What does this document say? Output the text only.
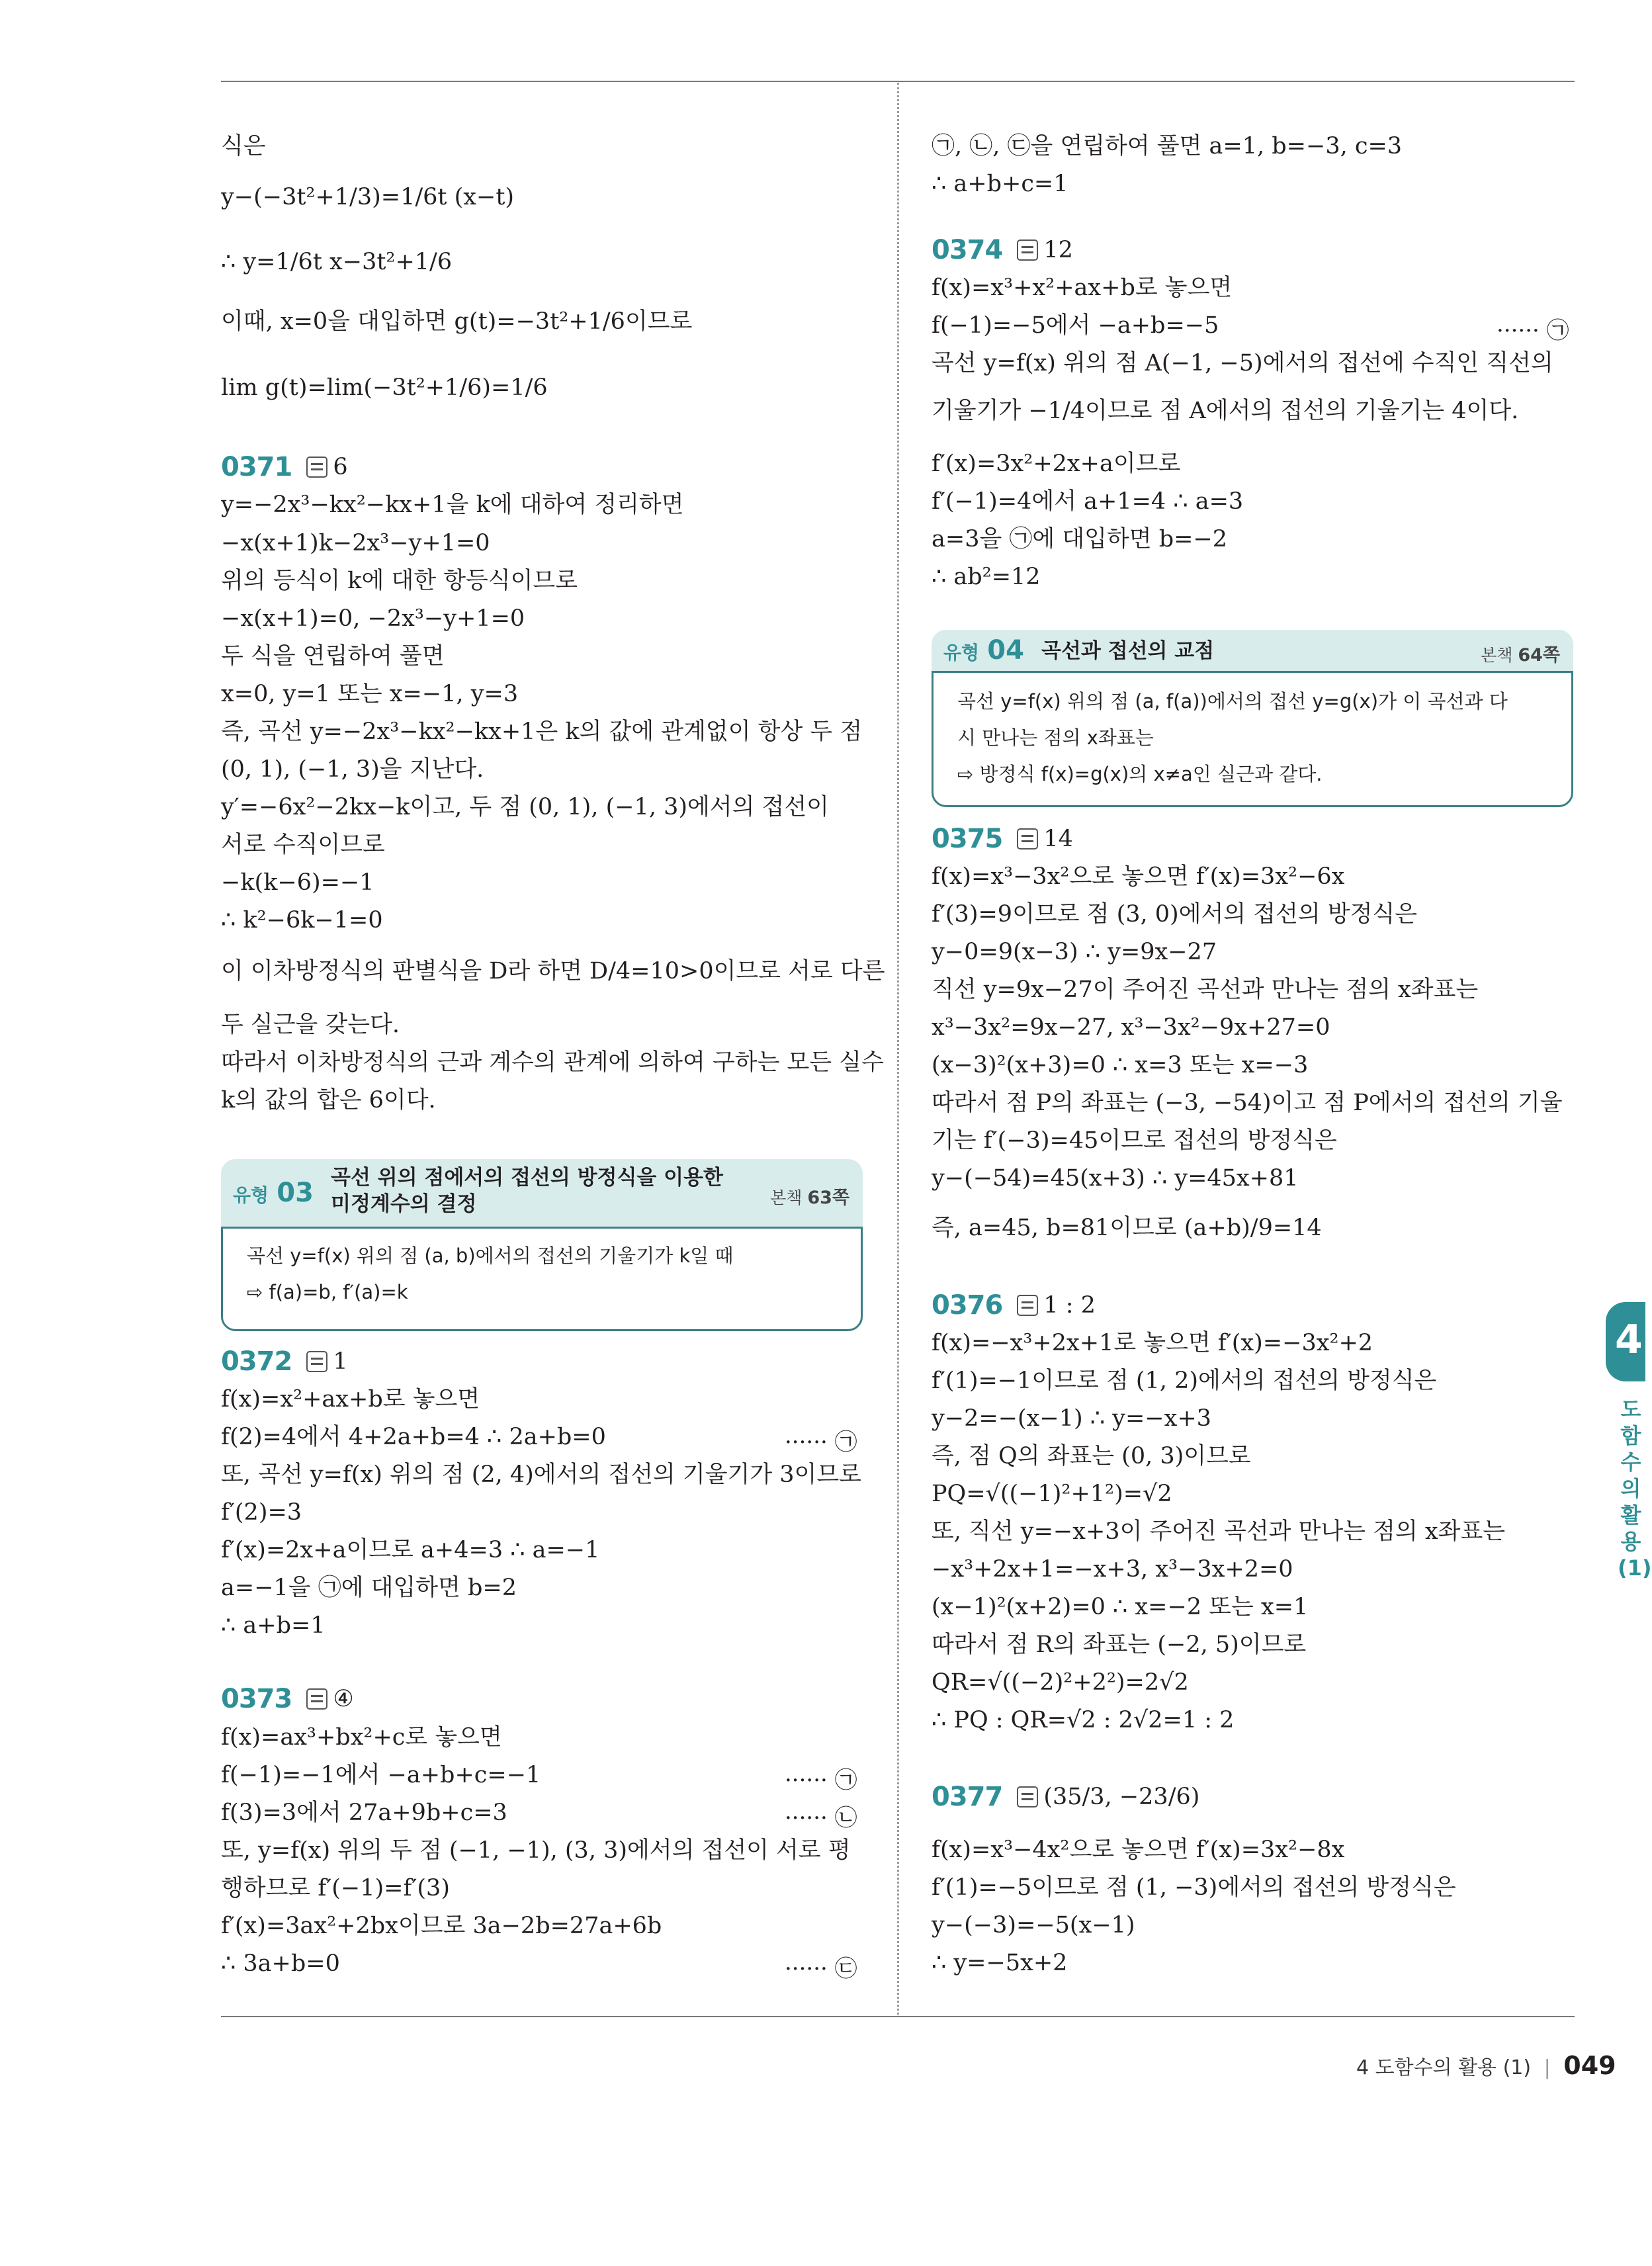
식은
y−(−3t²+1/3)=1/6t (x−t)
∴ y=1/6t x−3t²+1/6
이때, x=0을 대입하면 g(t)=−3t²+1/6이므로
lim g(t)=lim(−3t²+1/6)=1/6
0371 6
y=−2x³−kx²−kx+1을 k에 대하여 정리하면
−x(x+1)k−2x³−y+1=0
위의 등식이 k에 대한 항등식이므로
−x(x+1)=0, −2x³−y+1=0
두 식을 연립하여 풀면
x=0, y=1 또는 x=−1, y=3
즉, 곡선 y=−2x³−kx²−kx+1은 k의 값에 관계없이 항상 두 점
(0, 1), (−1, 3)을 지난다.
y′=−6x²−2kx−k이고, 두 점 (0, 1), (−1, 3)에서의 접선이
서로 수직이므로
−k(k−6)=−1
∴ k²−6k−1=0
이 이차방정식의 판별식을 D라 하면 D/4=10>0이므로 서로 다른
두 실근을 갖는다.
따라서 이차방정식의 근과 계수의 관계에 의하여 구하는 모든 실수
k의 값의 합은 6이다.
유형 03 곡선 위의 점에서의 접선의 방정식을 이용한
미정계수의 결정	본책 63쪽
곡선 y=f(x) 위의 점 (a, b)에서의 접선의 기울기가 k일 때
⇨ f(a)=b, f′(a)=k
0372 1
f(x)=x²+ax+b로 놓으면
f(2)=4에서 4+2a+b=4 ∴ 2a+b=0	······ ㉠
또, 곡선 y=f(x) 위의 점 (2, 4)에서의 접선의 기울기가 3이므로
f′(2)=3
f′(x)=2x+a이므로 a+4=3 ∴ a=−1
a=−1을 ㉠에 대입하면 b=2
∴ a+b=1
0373 ④
f(x)=ax³+bx²+c로 놓으면
f(−1)=−1에서 −a+b+c=−1	······ ㉠
f(3)=3에서 27a+9b+c=3	······ ㉡
또, y=f(x) 위의 두 점 (−1, −1), (3, 3)에서의 접선이 서로 평
행하므로 f′(−1)=f′(3)
f′(x)=3ax²+2bx이므로 3a−2b=27a+6b
∴ 3a+b=0	······ ㉢
㉠, ㉡, ㉢을 연립하여 풀면 a=1, b=−3, c=3
∴ a+b+c=1
0374 12
f(x)=x³+x²+ax+b로 놓으면
f(−1)=−5에서 −a+b=−5	······ ㉠
곡선 y=f(x) 위의 점 A(−1, −5)에서의 접선에 수직인 직선의
기울기가 −1/4이므로 점 A에서의 접선의 기울기는 4이다.
f′(x)=3x²+2x+a이므로
f′(−1)=4에서 a+1=4 ∴ a=3
a=3을 ㉠에 대입하면 b=−2
∴ ab²=12
유형 04 곡선과 접선의 교점	본책 64쪽
곡선 y=f(x) 위의 점 (a, f(a))에서의 접선 y=g(x)가 이 곡선과 다
시 만나는 점의 x좌표는
⇨ 방정식 f(x)=g(x)의 x≠a인 실근과 같다.
0375 14
f(x)=x³−3x²으로 놓으면 f′(x)=3x²−6x
f′(3)=9이므로 점 (3, 0)에서의 접선의 방정식은
y−0=9(x−3) ∴ y=9x−27
직선 y=9x−27이 주어진 곡선과 만나는 점의 x좌표는
x³−3x²=9x−27, x³−3x²−9x+27=0
(x−3)²(x+3)=0 ∴ x=3 또는 x=−3
따라서 점 P의 좌표는 (−3, −54)이고 점 P에서의 접선의 기울
기는 f′(−3)=45이므로 접선의 방정식은
y−(−54)=45(x+3) ∴ y=45x+81
즉, a=45, b=81이므로 (a+b)/9=14
0376 1 : 2
f(x)=−x³+2x+1로 놓으면 f′(x)=−3x²+2
f′(1)=−1이므로 점 (1, 2)에서의 접선의 방정식은
y−2=−(x−1) ∴ y=−x+3
즉, 점 Q의 좌표는 (0, 3)이므로
PQ=√((−1)²+1²)=√2
또, 직선 y=−x+3이 주어진 곡선과 만나는 점의 x좌표는
−x³+2x+1=−x+3, x³−3x+2=0
(x−1)²(x+2)=0 ∴ x=−2 또는 x=1
따라서 점 R의 좌표는 (−2, 5)이므로
QR=√((−2)²+2²)=2√2
∴ PQ : QR=√2 : 2√2=1 : 2
0377 (35/3, −23/6)
f(x)=x³−4x²으로 놓으면 f′(x)=3x²−8x
f′(1)=−5이므로 점 (1, −3)에서의 접선의 방정식은
y−(−3)=−5(x−1)
∴ y=−5x+2
4
도함수의 활용 (1)
4 도함수의 활용 (1) | 049
